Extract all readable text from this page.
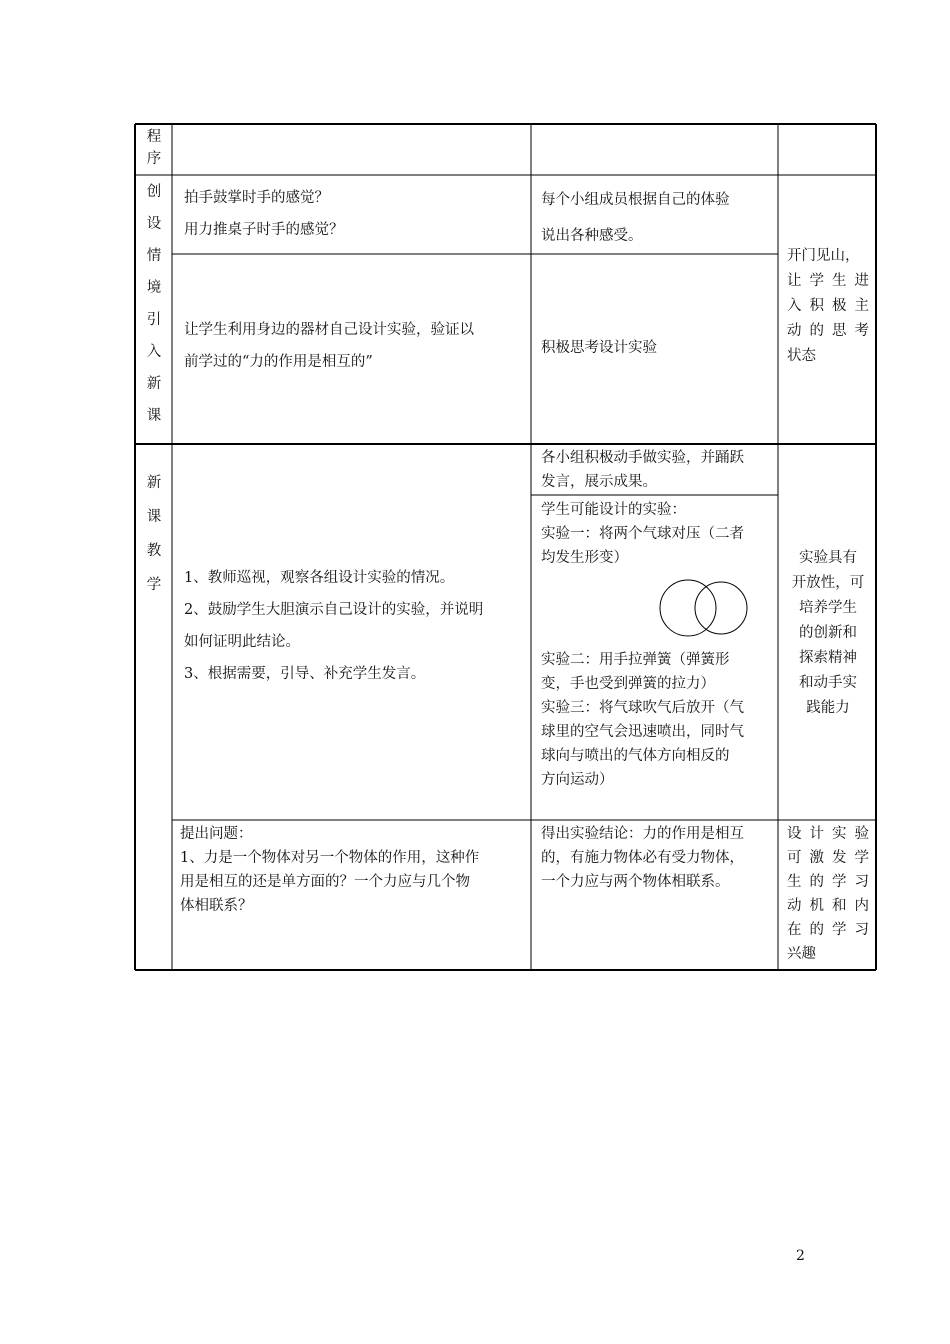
程
序
创
设
情
境
引
入
新
课

拍手鼓掌时手的感觉？

用力推桌子时手的感觉？

每个小组成员根据自己的体验

说出各种感受。

让学生利用身边的器材自己设计实验，验证以

前学过的“力的作用是相互的”

积极思考设计实验

开门见山，

让学生进

入积极主

动的思考

状态

新
课
教
学	1、教师巡视，观察各组设计实验的情况。

2、鼓励学生大胆演示自己设计的实验，并说明

如何证明此结论。

3、根据需要，引导、补充学生发言。

各小组积极动手做实验，并踊跃

发言，展示成果。

学生可能设计的实验：

实验一：将两个气球对压（二者

均发生形变）

实验二：用手拉弹簧（弹簧形

变，手也受到弹簧的拉力）

实验三：将气球吹气后放开（气

球里的空气会迅速喷出，同时气

球向与喷出的气体方向相反的

方向运动）

实验具有

开放性，可

培养学生

的创新和

探索精神

和动手实

践能力

提出问题：

1、力是一个物体对另一个物体的作用，这种作

用是相互的还是单方面的？一个力应与几个物

体相联系？

得出实验结论：力的作用是相互

的，有施力物体必有受力物体，

一个力应与两个物体相联系。

设计实验

可激发学

生的学习

动机和内

在的学习

兴趣

2
